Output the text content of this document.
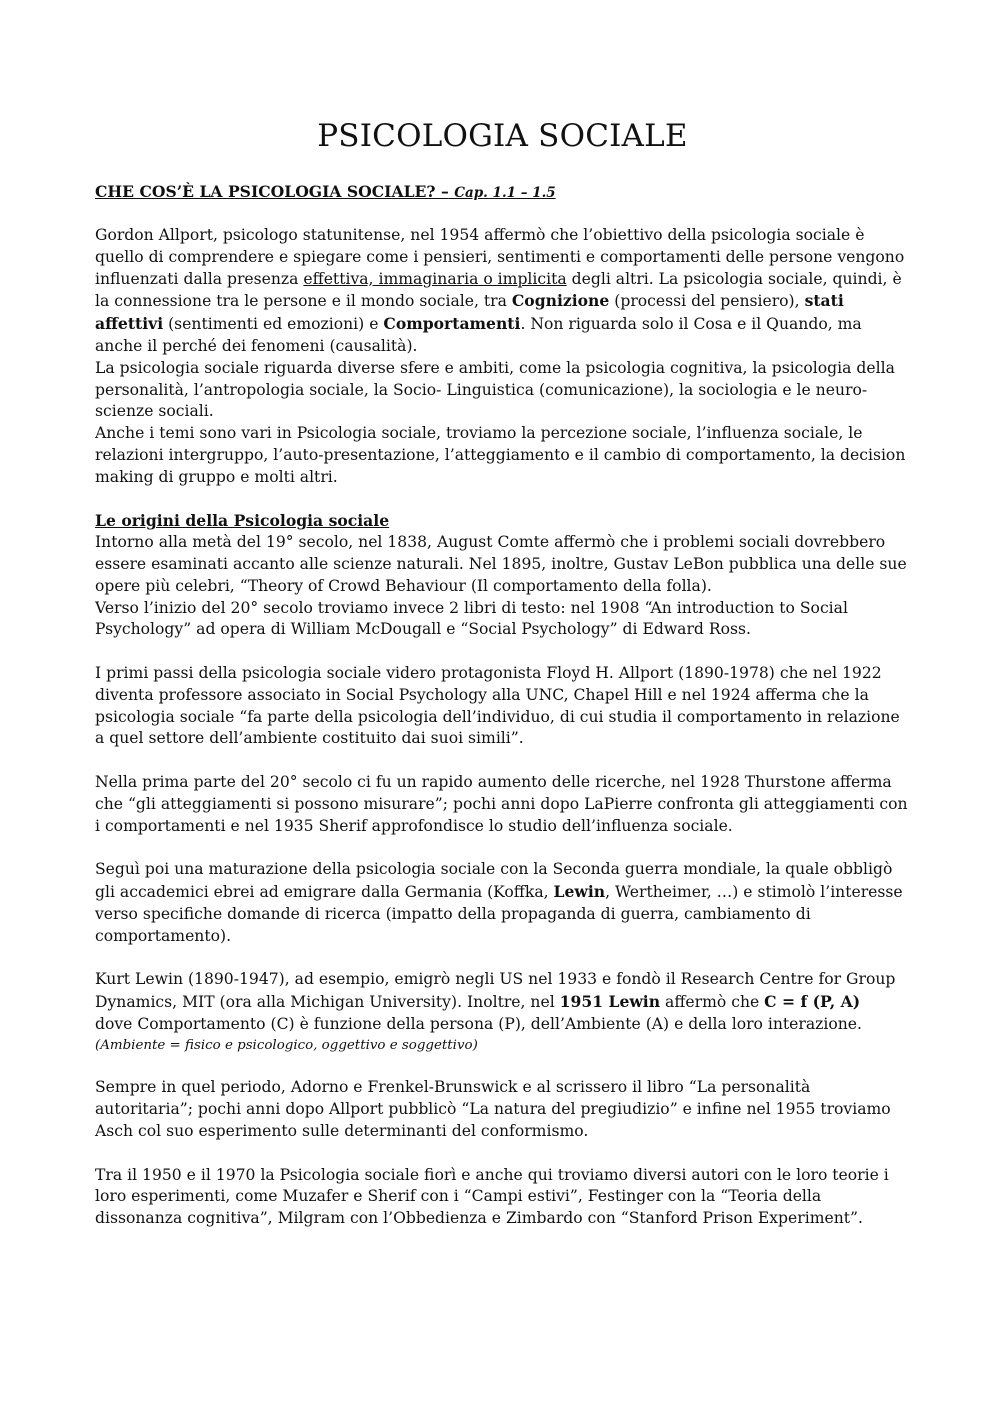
PSICOLOGIA SOCIALE
CHE COS’È LA PSICOLOGIA SOCIALE? – Cap. 1.1 – 1.5

Gordon Allport, psicologo statunitense, nel 1954 affermò che l’obiettivo della psicologia sociale è quello di comprendere e spiegare come i pensieri, sentimenti e comportamenti delle persone vengono influenzati dalla presenza effettiva, immaginaria o implicita degli altri. La psicologia sociale, quindi, è la connessione tra le persone e il mondo sociale, tra Cognizione (processi del pensiero), stati affettivi (sentimenti ed emozioni) e Comportamenti. Non riguarda solo il Cosa e il Quando, ma anche il perché dei fenomeni (causalità).

La psicologia sociale riguarda diverse sfere e ambiti, come la psicologia cognitiva, la psicologia della personalità, l’antropologia sociale, la Socio- Linguistica (comunicazione), la sociologia e le neuro-scienze sociali.

Anche i temi sono vari in Psicologia sociale, troviamo la percezione sociale, l’influenza sociale, le relazioni intergruppo, l’auto-presentazione, l’atteggiamento e il cambio di comportamento, la decision making di gruppo e molti altri.

Le origini della Psicologia sociale

Intorno alla metà del 19° secolo, nel 1838, August Comte affermò che i problemi sociali dovrebbero essere esaminati accanto alle scienze naturali. Nel 1895, inoltre, Gustav LeBon pubblica una delle sue opere più celebri, “Theory of Crowd Behaviour (Il comportamento della folla).

Verso l’inizio del 20° secolo troviamo invece 2 libri di testo: nel 1908 “An introduction to Social Psychology” ad opera di William McDougall e “Social Psychology” di Edward Ross.

I primi passi della psicologia sociale videro protagonista Floyd H. Allport (1890-1978) che nel 1922 diventa professore associato in Social Psychology alla UNC, Chapel Hill e nel 1924 afferma che la psicologia sociale “fa parte della psicologia dell’individuo, di cui studia il comportamento in relazione a quel settore dell’ambiente costituito dai suoi simili”.

Nella prima parte del 20° secolo ci fu un rapido aumento delle ricerche, nel 1928 Thurstone afferma che “gli atteggiamenti si possono misurare”; pochi anni dopo LaPierre confronta gli atteggiamenti con i comportamenti e nel 1935 Sherif approfondisce lo studio dell’influenza sociale.

Seguì poi una maturazione della psicologia sociale con la Seconda guerra mondiale, la quale obbligò gli accademici ebrei ad emigrare dalla Germania (Koffka, Lewin, Wertheimer, …) e stimolò l’interesse verso specifiche domande di ricerca (impatto della propaganda di guerra, cambiamento di comportamento).

Kurt Lewin (1890-1947), ad esempio, emigrò negli US nel 1933 e fondò il Research Centre for Group Dynamics, MIT (ora alla Michigan University). Inoltre, nel 1951 Lewin affermò che C = f (P, A)
dove Comportamento (C) è funzione della persona (P), dell’Ambiente (A) e della loro interazione.

(Ambiente = fisico e psicologico, oggettivo e soggettivo)

Sempre in quel periodo, Adorno e Frenkel-Brunswick e al scrissero il libro “La personalità autoritaria”; pochi anni dopo Allport pubblicò “La natura del pregiudizio” e infine nel 1955 troviamo Asch col suo esperimento sulle determinanti del conformismo.

Tra il 1950 e il 1970 la Psicologia sociale fiorì e anche qui troviamo diversi autori con le loro teorie i loro esperimenti, come Muzafer e Sherif con i “Campi estivi”, Festinger con la “Teoria della dissonanza cognitiva”, Milgram con l’Obbedienza e Zimbardo con “Stanford Prison Experiment”.
